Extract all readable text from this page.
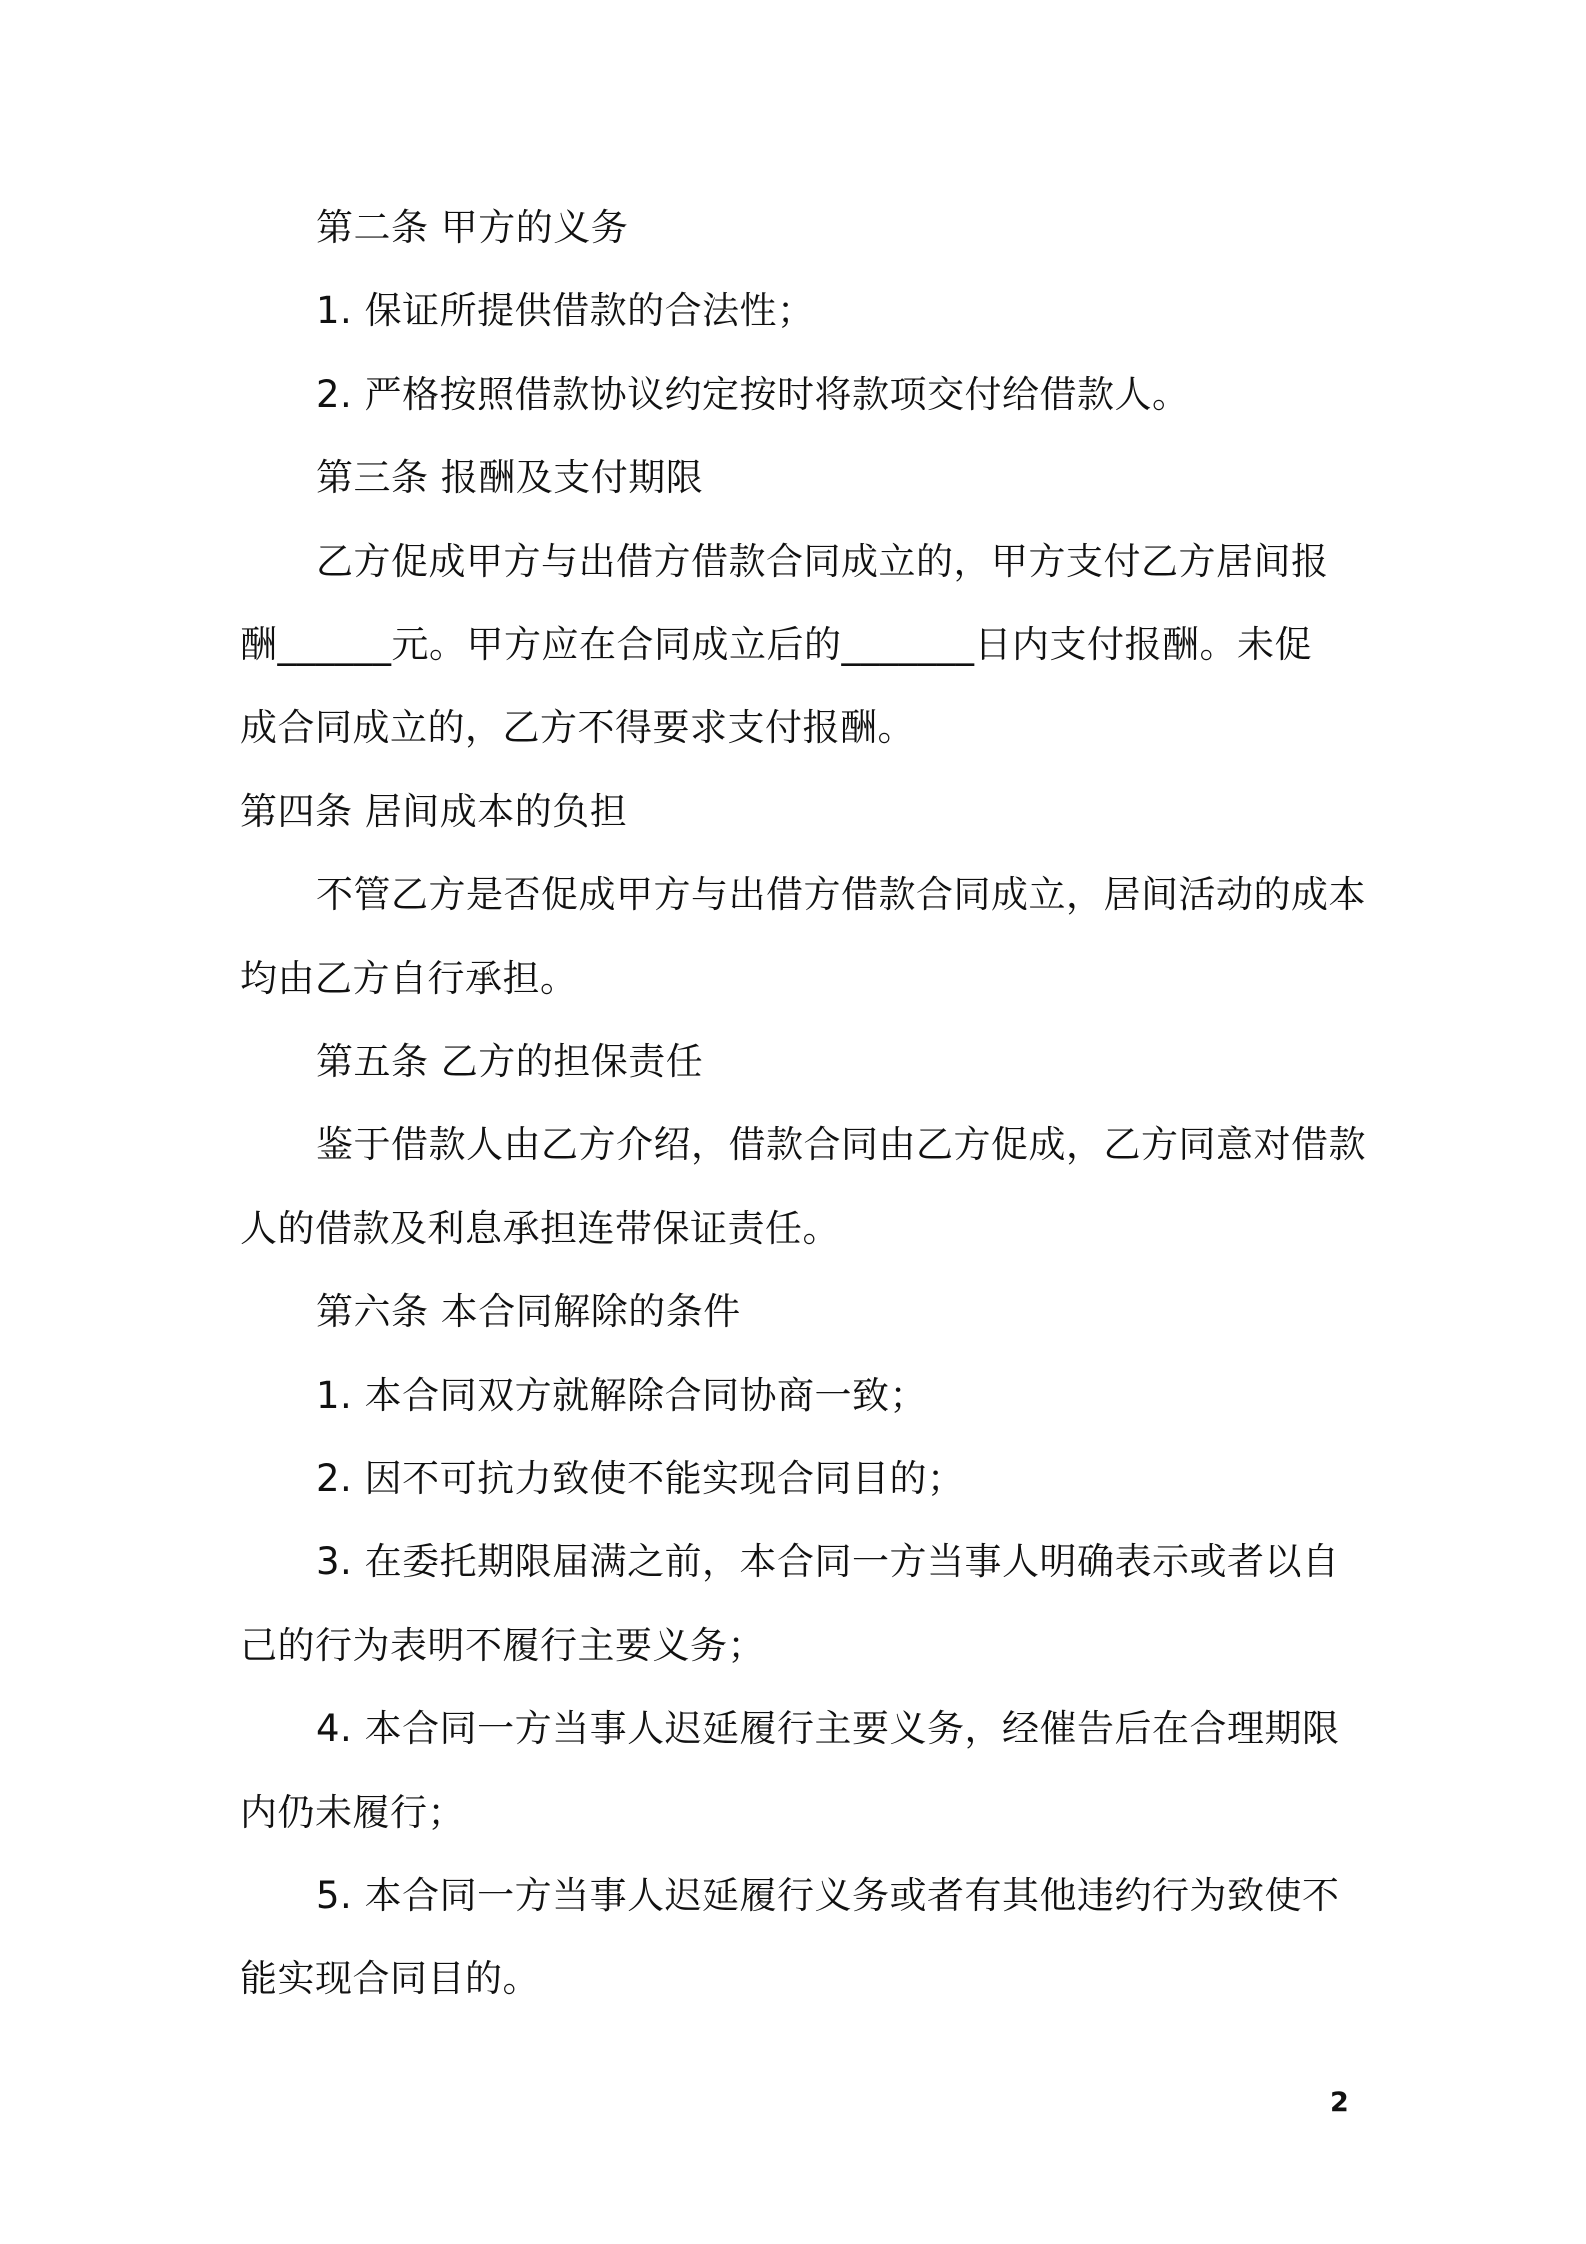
第二条 甲方的义务
1. 保证所提供借款的合法性；
2. 严格按照借款协议约定按时将款项交付给借款人。
第三条 报酬及支付期限
乙方促成甲方与出借方借款合同成立的，甲方支付乙方居间报
酬______元。甲方应在合同成立后的_______日内支付报酬。未促
成合同成立的，乙方不得要求支付报酬。
第四条 居间成本的负担
不管乙方是否促成甲方与出借方借款合同成立，居间活动的成本
均由乙方自行承担。
第五条 乙方的担保责任
鉴于借款人由乙方介绍，借款合同由乙方促成，乙方同意对借款
人的借款及利息承担连带保证责任。
第六条 本合同解除的条件
1. 本合同双方就解除合同协商一致；
2. 因不可抗力致使不能实现合同目的；
3. 在委托期限届满之前，本合同一方当事人明确表示或者以自
己的行为表明不履行主要义务；
4. 本合同一方当事人迟延履行主要义务，经催告后在合理期限
内仍未履行；
5. 本合同一方当事人迟延履行义务或者有其他违约行为致使不
能实现合同目的。
2
